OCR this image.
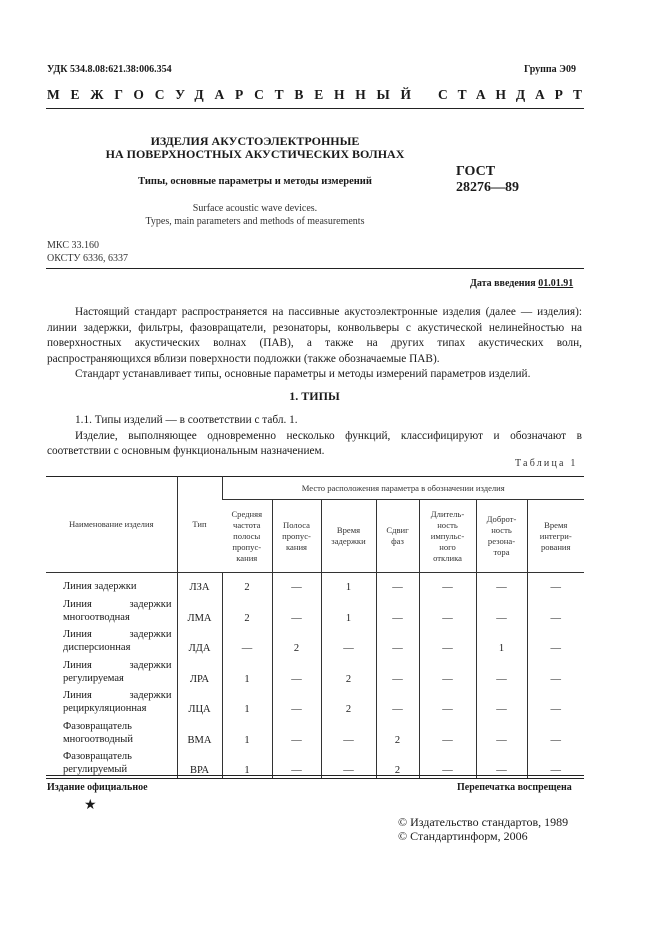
УДК 534.8.08:621.38:006.354	Группа Э09
МЕЖГОСУДАРСТВЕННЫЙ СТАНДАРТ
ИЗДЕЛИЯ АКУСТОЭЛЕКТРОННЫЕ
НА ПОВЕРХНОСТНЫХ АКУСТИЧЕСКИХ ВОЛНАХ
ГОСТ
28276—89
Типы, основные параметры и методы измерений
Surface acoustic wave devices.
Types, main parameters and methods of measurements
МКС 33.160
ОКСТУ 6336, 6337
Дата введения 01.01.91

Настоящий стандарт распространяется на пассивные акустоэлектронные изделия (далее — изделия): линии задержки, фильтры, фазовращатели, резонаторы, конвольверы с акустической нелинейностью на поверхностных акустических волнах (ПАВ), а также на других типах акустических волн, распространяющихся вблизи поверхности подложки (также обозначаемые ПАВ).

Стандарт устанавливает типы, основные параметры и методы измерений параметров изделий.

1. ТИПЫ

1.1. Типы изделий — в соответствии с табл. 1.

Изделие, выполняющее одновременно несколько функций, классифицируют и обозначают в соответствии с основным функциональным назначением.

Таблица 1
Наименование изделия	Тип	Место расположения параметра в обозначении изделия						
		Средняя частота полосы пропус-кания	Полоса пропус-кания	Время задержки	Сдвиг фаз	Длитель-ность импульс-ного отклика	Доброт-ность резона-тора	Время интегри-рования
Линия задержки	ЛЗА	2	—	1	—	—	—	—
Линия задержки многоотводная	ЛМА	2	—	1	—	—	—	—
Линия задержки дисперсионная	ЛДА	—	2	—	—	—	1	—
Линия задержки регулируемая	ЛРА	1	—	2	—	—	—	—
Линия задержки рециркуляционная	ЛЦА	1	—	2	—	—	—	—
Фазовращатель многоотводный	ВМА	1	—	—	2	—	—	—
Фазовращатель регулируемый	ВРА	1	—	—	2	—	—	—
Издание официальное	Перепечатка воспрещена
★
© Издательство стандартов, 1989
© Стандартинформ, 2006
